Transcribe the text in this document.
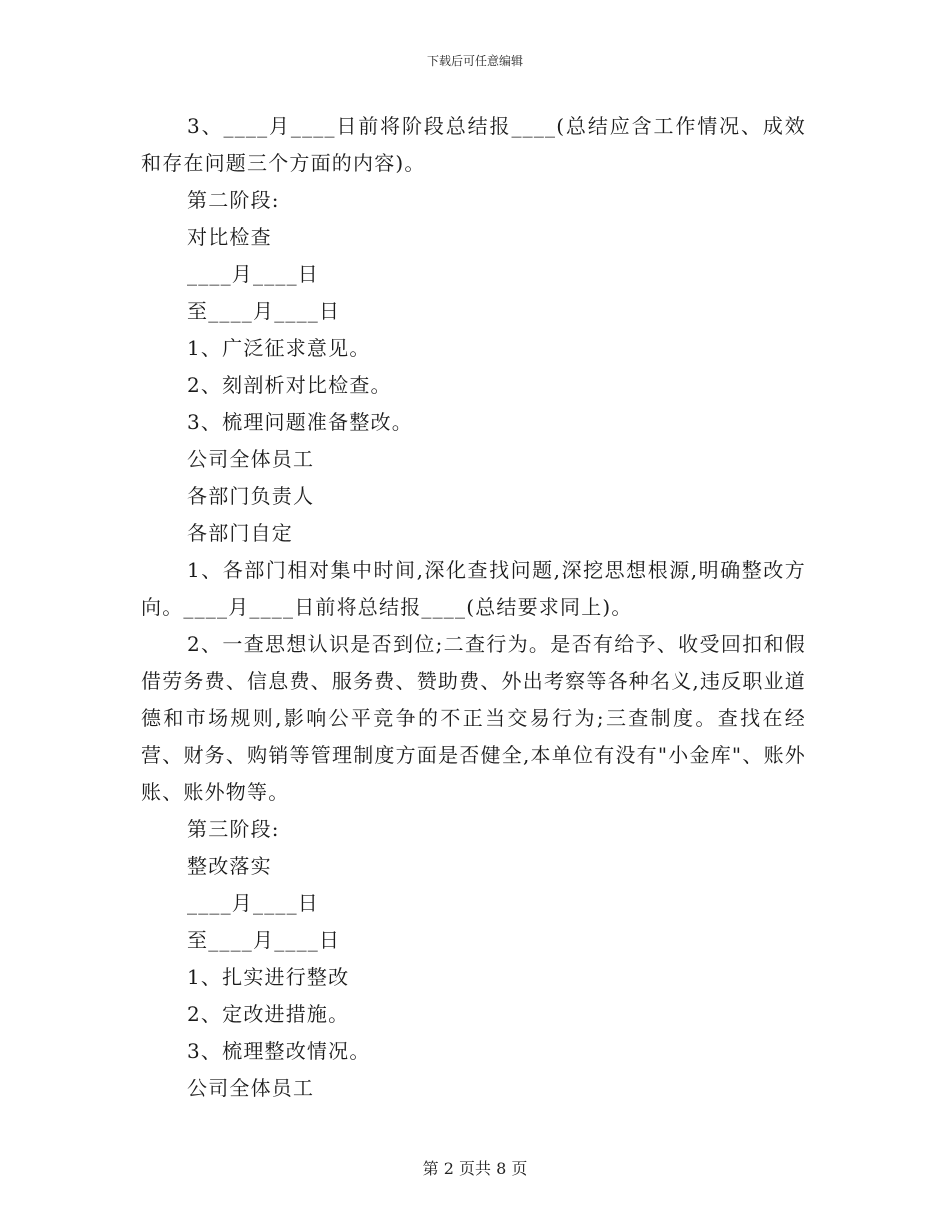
下载后可任意编辑

3、____月____日前将阶段总结报____(总结应含工作情况、成效和存在问题三个方面的内容)。

第二阶段:

对比检查

____月____日

至____月____日

1、广泛征求意见。

2、刻剖析对比检查。

3、梳理问题准备整改。

公司全体员工

各部门负责人

各部门自定

1、各部门相对集中时间,深化查找问题,深挖思想根源,明确整改方向。____月____日前将总结报____(总结要求同上)。

2、一查思想认识是否到位;二查行为。是否有给予、收受回扣和假借劳务费、信息费、服务费、赞助费、外出考察等各种名义,违反职业道德和市场规则,影响公平竞争的不正当交易行为;三查制度。查找在经营、财务、购销等管理制度方面是否健全,本单位有没有"小金库"、账外账、账外物等。

第三阶段:

整改落实

____月____日

至____月____日

1、扎实进行整改

2、定改进措施。

3、梳理整改情况。

公司全体员工

第 2 页共 8 页
